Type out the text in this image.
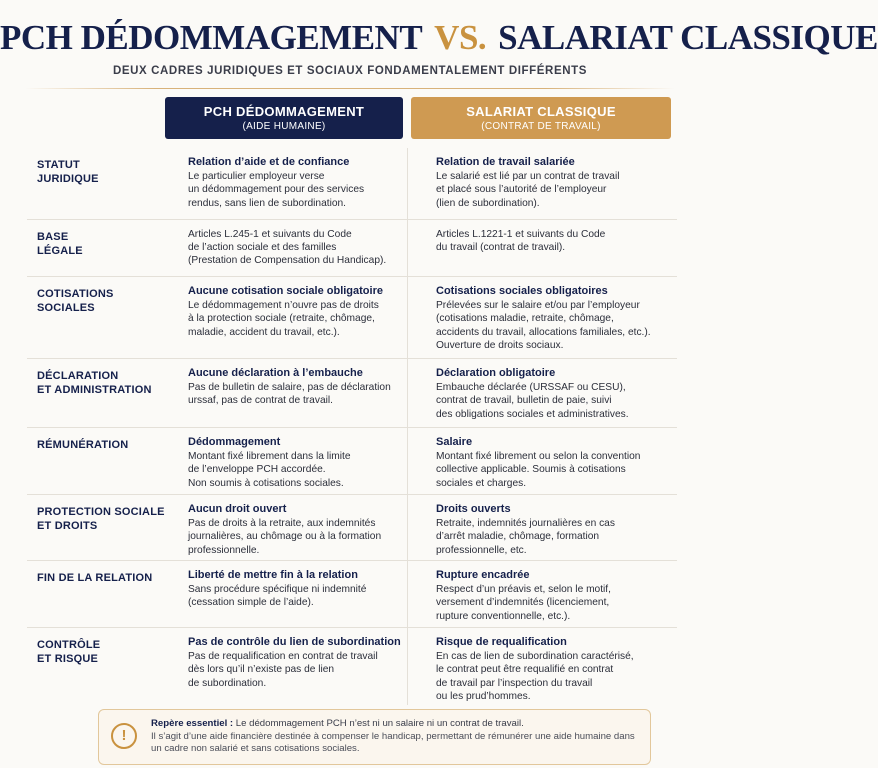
PCH DÉDOMMAGEMENT VS. SALARIAT CLASSIQUE
DEUX CADRES JURIDIQUES ET SOCIAUX FONDAMENTALEMENT DIFFÉRENTS
PCH DÉDOMMAGEMENT
(AIDE HUMAINE)
SALARIAT CLASSIQUE
(CONTRAT DE TRAVAIL)
STATUT
JURIDIQUE
Relation d’aide et de confiance
Le particulier employeur verse
un dédommagement pour des services
rendus, sans lien de subordination.
Relation de travail salariée
Le salarié est lié par un contrat de travail
et placé sous l’autorité de l’employeur
(lien de subordination).
BASE
LÉGALE
Articles L.245-1 et suivants du Code
de l’action sociale et des familles
(Prestation de Compensation du Handicap).
Articles L.1221-1 et suivants du Code
du travail (contrat de travail).
COTISATIONS
SOCIALES
Aucune cotisation sociale obligatoire
Le dédommagement n’ouvre pas de droits
à la protection sociale (retraite, chômage,
maladie, accident du travail, etc.).
Cotisations sociales obligatoires
Prélevées sur le salaire et/ou par l’employeur
(cotisations maladie, retraite, chômage,
accidents du travail, allocations familiales, etc.).
Ouverture de droits sociaux.
DÉCLARATION
ET ADMINISTRATION
Aucune déclaration à l’embauche
Pas de bulletin de salaire, pas de déclaration
urssaf, pas de contrat de travail.
Déclaration obligatoire
Embauche déclarée (URSSAF ou CESU),
contrat de travail, bulletin de paie, suivi
des obligations sociales et administratives.
RÉMUNÉRATION	Dédommagement
Montant fixé librement dans la limite
de l’enveloppe PCH accordée.
Non soumis à cotisations sociales.
Salaire
Montant fixé librement ou selon la convention
collective applicable. Soumis à cotisations
sociales et charges.
PROTECTION SOCIALE
ET DROITS
Aucun droit ouvert
Pas de droits à la retraite, aux indemnités
journalières, au chômage ou à la formation
professionnelle.
Droits ouverts
Retraite, indemnités journalières en cas
d’arrêt maladie, chômage, formation
professionnelle, etc.
FIN DE LA RELATION	Liberté de mettre fin à la relation
Sans procédure spécifique ni indemnité
(cessation simple de l’aide).
Rupture encadrée
Respect d’un préavis et, selon le motif,
versement d’indemnités (licenciement,
rupture conventionnelle, etc.).
CONTRÔLE
ET RISQUE
Pas de contrôle du lien de subordination
Pas de requalification en contrat de travail
dès lors qu’il n’existe pas de lien
de subordination.
Risque de requalification
En cas de lien de subordination caractérisé,
le contrat peut être requalifié en contrat
de travail par l’inspection du travail
ou les prud’hommes.
!
Repère essentiel : Le dédommagement PCH n’est ni un salaire ni un contrat de travail.
Il s’agit d’une aide financière destinée à compenser le handicap, permettant de rémunérer une aide humaine dans un cadre non salarié et sans cotisations sociales.
